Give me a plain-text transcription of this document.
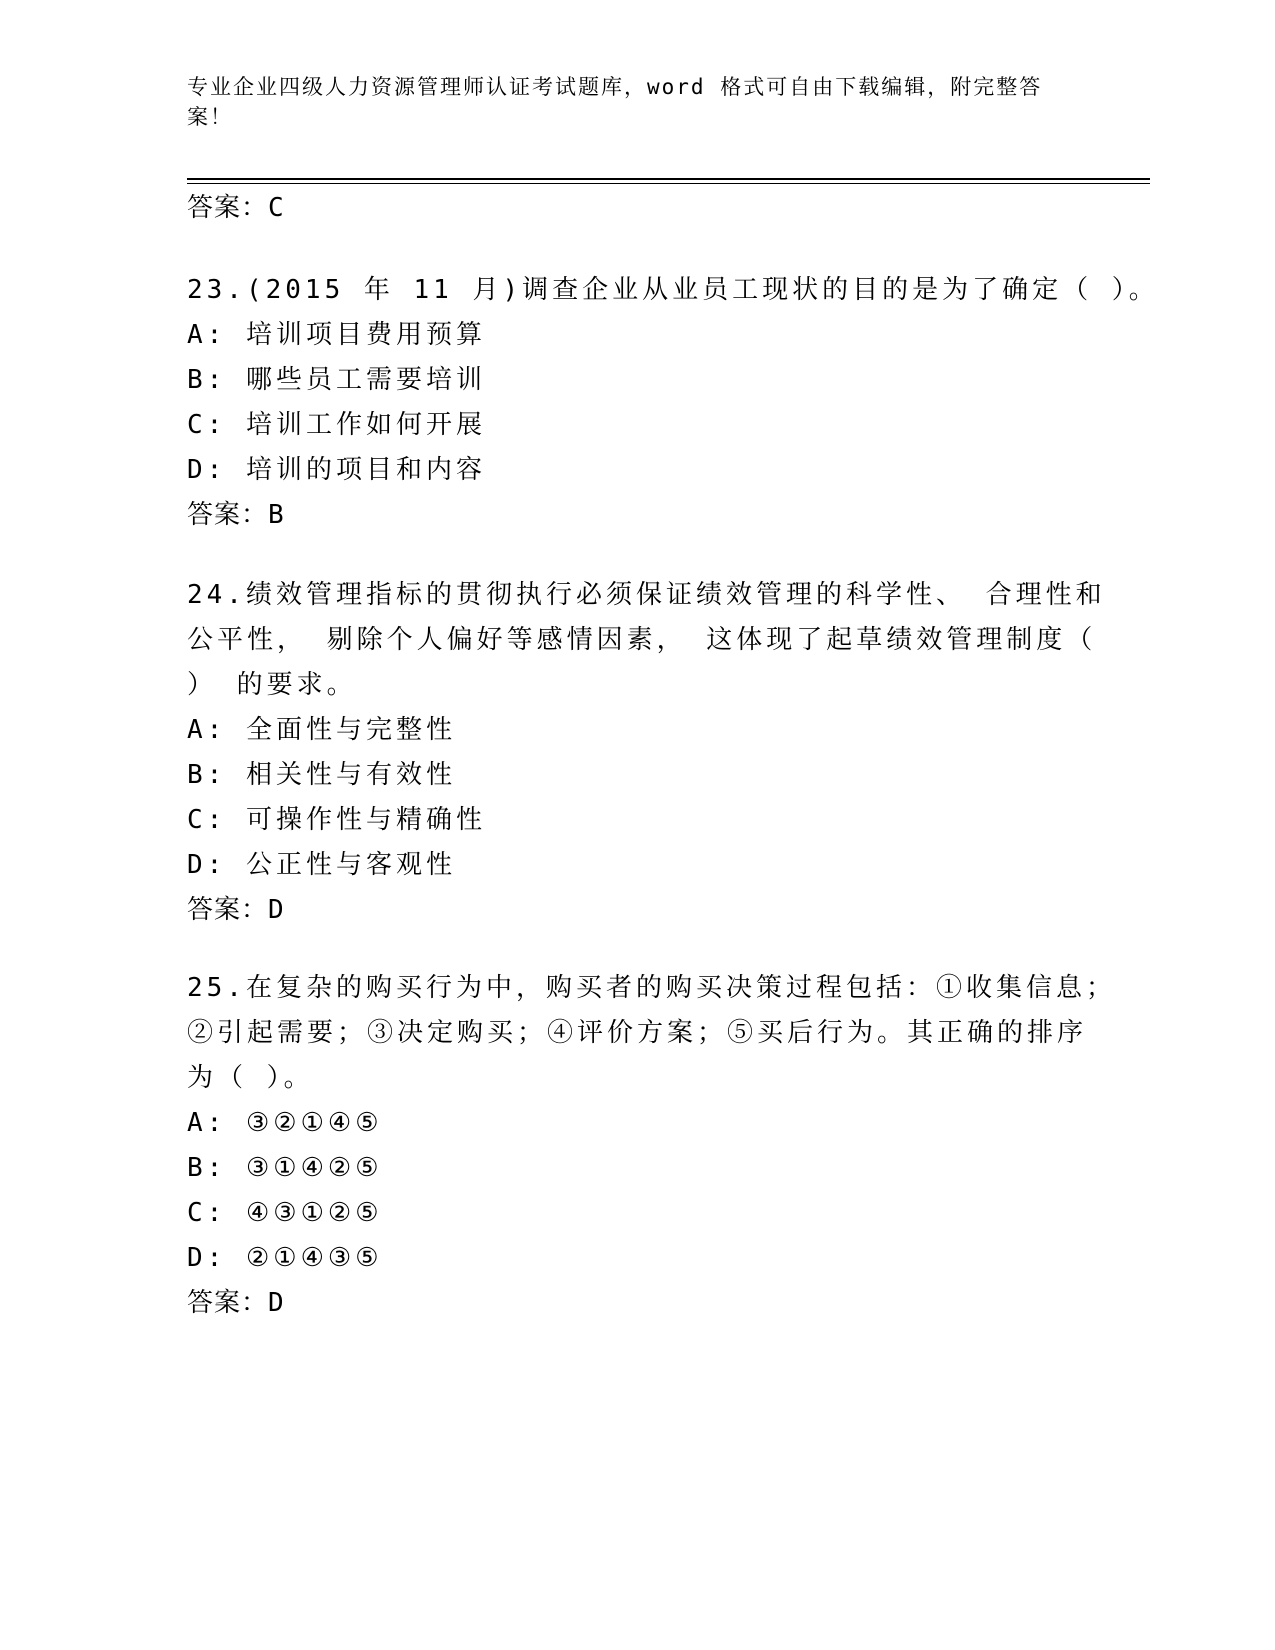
专业企业四级人力资源管理师认证考试题库，word 格式可自由下载编辑，附完整答案！
答案：C
23.(2015 年 11 月)调查企业从业员工现状的目的是为了确定（ ）。
A: 培训项目费用预算
B: 哪些员工需要培训
C: 培训工作如何开展
D: 培训的项目和内容
答案：B
24.绩效管理指标的贯彻执行必须保证绩效管理的科学性、 合理性和
公平性， 剔除个人偏好等感情因素， 这体现了起草绩效管理制度（
） 的要求。
A: 全面性与完整性
B: 相关性与有效性
C: 可操作性与精确性
D: 公正性与客观性
答案：D
25.在复杂的购买行为中，购买者的购买决策过程包括：①收集信息；
②引起需要；③决定购买；④评价方案；⑤买后行为。其正确的排序
为（ ）。
A: ③②①④⑤
B: ③①④②⑤
C: ④③①②⑤
D: ②①④③⑤
答案：D
